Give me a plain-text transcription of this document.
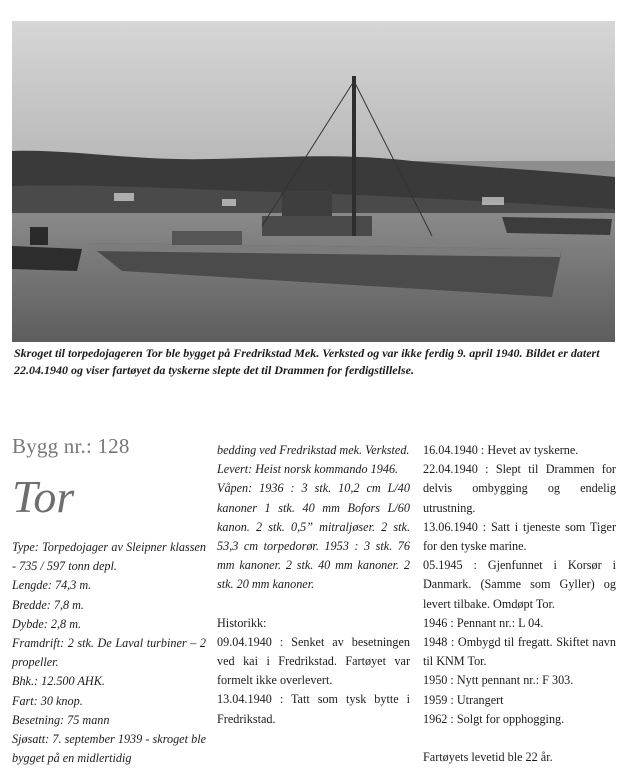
Skroget til torpedojageren Tor ble bygget på Fredrikstad Mek. Verksted og var ikke ferdig 9. april 1940. Bildet er datert 22.04.1940 og viser fartøyet da tyskerne slepte det til Drammen for ferdigstillelse.

Bygg nr.: 128
Tor

Type: Torpedojager av Sleipner klassen - 735 / 597 tonn depl.

Lengde: 74,3 m.

Bredde: 7,8 m.

Dybde: 2,8 m.

Framdrift: 2 stk. De Laval turbiner – 2 propeller.

Bhk.: 12.500 AHK.

Fart: 30 knop.

Besetning: 75 mann

Sjøsatt: 7. september 1939 - skroget ble bygget på en midlertidig

bedding ved Fredrikstad mek. Verksted.

Levert: Heist norsk kommando 1946.

Våpen: 1936 : 3 stk. 10,2 cm L/40 kanoner 1 stk. 40 mm Bofors L/60 kanon. 2 stk. 0,5” mitraljøser. 2 stk. 53,3 cm torpedorør. 1953 : 3 stk. 76 mm kanoner. 2 stk. 40 mm kanoner. 2 stk. 20 mm kanoner.

Historikk:

09.04.1940 : Senket av besetningen ved kai i Fredrikstad. Fartøyet var formelt ikke overlevert.

13.04.1940 : Tatt som tysk bytte i Fredrikstad.

16.04.1940 : Hevet av tyskerne.

22.04.1940 : Slept til Drammen for delvis ombygging og endelig utrustning.

13.06.1940 : Satt i tjeneste som Tiger for den tyske marine.

05.1945 : Gjenfunnet i Korsør i Danmark. (Samme som Gyller) og levert tilbake. Omdøpt Tor.

1946 : Pennant nr.: L 04.

1948 : Ombygd til fregatt. Skiftet navn til KNM Tor.

1950 : Nytt pennant nr.: F 303.

1959 : Utrangert

1962 : Solgt for opphogging.

Fartøyets levetid ble 22 år.
